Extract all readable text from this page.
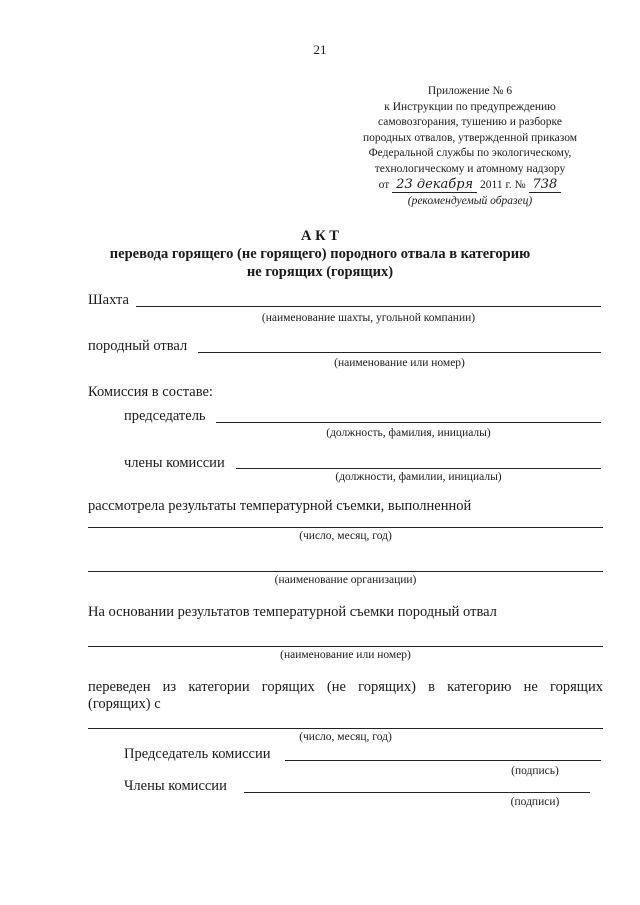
21
Приложение № 6
к Инструкции по предупреждению
самовозгорания, тушению и разборке
породных отвалов, утвержденной приказом
Федеральной службы по экологическому,
технологическому и атомному надзору
от 23 декабря 2011 г. № 738
(рекомендуемый образец)
А К Т
перевода горящего (не горящего) породного отвала в категорию
не горящих (горящих)
Шахта
(наименование шахты, угольной компании)
породный отвал
(наименование или номер)
Комиссия в составе:
председатель
(должность, фамилия, инициалы)
члены комиссии
(должности, фамилии, инициалы)
рассмотрела результаты температурной съемки, выполненной
(число, месяц, год)
(наименование организации)
На основании результатов температурной съемки породный отвал
(наименование или номер)
переведен из категории горящих (не горящих) в категорию не горящих
(горящих) с
(число, месяц, год)
Председатель комиссии
(подпись)
Члены комиссии
(подписи)
